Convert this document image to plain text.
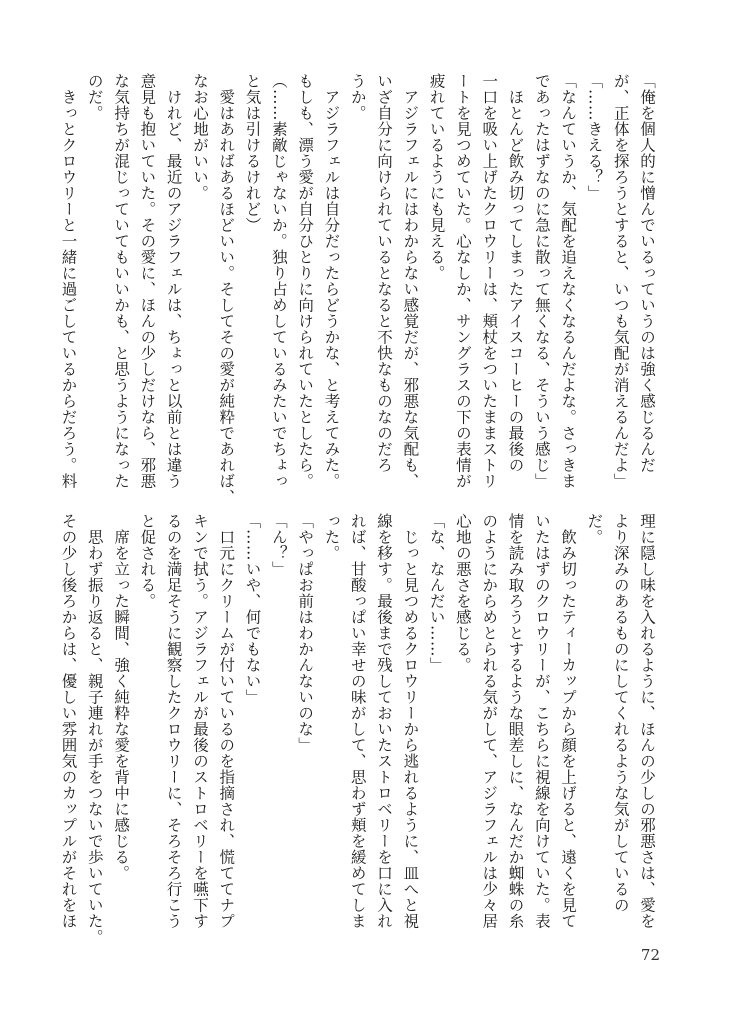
「俺を個人的に憎んでいるっていうのは強く感じるんだ

が、正体を探ろうとすると、いつも気配が消えるんだよ」

「……きえる？」

「なんていうか、気配を追えなくなるんだよな。さっきま

であったはずなのに急に散って無くなる、そういう感じ」

　ほとんど飲み切ってしまったアイスコーヒーの最後の

一口を吸い上げたクロウリーは、頬杖をついたままストリ

ートを見つめていた。心なしか、サングラスの下の表情が

疲れているようにも見える。

　アジラフェルにはわからない感覚だが、邪悪な気配も、

いざ自分に向けられているとなると不快なものなのだろ

うか。

　アジラフェルは自分だったらどうかな、と考えてみた。

もしも、漂う愛が自分ひとりに向けられていたとしたら。

（……素敵じゃないか。独り占めしているみたいでちょっ

と気は引けるけれど）

　愛はあればあるほどいい。そしてその愛が純粋であれば、

なお心地がいい。

　けれど、最近のアジラフェルは、ちょっと以前とは違う

意見も抱いていた。その愛に、ほんの少しだけなら、邪悪

な気持ちが混じっていてもいいかも、と思うようになった

のだ。

　きっとクロウリーと一緒に過ごしているからだろう。料

理に隠し味を入れるように、ほんの少しの邪悪さは、愛を

より深みのあるものにしてくれるような気がしているの

だ。

　飲み切ったティーカップから顔を上げると、遠くを見て

いたはずのクロウリーが、こちらに視線を向けていた。表

情を読み取ろうとするような眼差しに、なんだか蜘蛛の糸

のようにからめとられる気がして、アジラフェルは少々居

心地の悪さを感じる。

「な、なんだい……」

　じっと見つめるクロウリーから逃れるように、皿へと視

線を移す。最後まで残しておいたストロベリーを口に入れ

れば、甘酸っぱい幸せの味がして、思わず頬を緩めてしま

った。

「やっぱお前はわかんないのな」

「ん？」

「……いや、何でもない」

　口元にクリームが付いているのを指摘され、慌ててナプ

キンで拭う。アジラフェルが最後のストロベリーを嚥下す

るのを満足そうに観察したクロウリーに、そろそろ行こう

と促される。

　席を立った瞬間、強く純粋な愛を背中に感じる。

　思わず振り返ると、親子連れが手をつないで歩いていた。

その少し後ろからは、優しい雰囲気のカップルがそれをほ

72
